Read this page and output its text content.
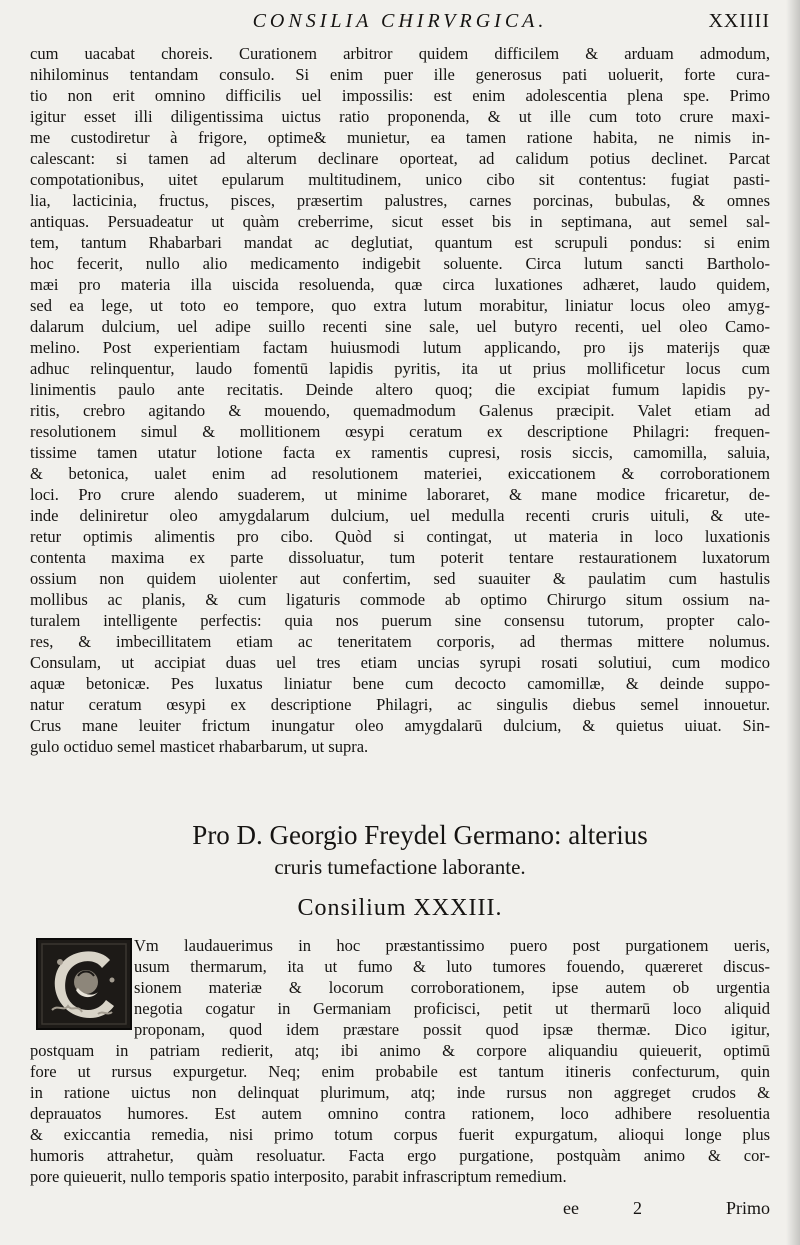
CONSILIA CHIRVRGICA.	XXIIII
cum uacabat choreis. Curationem arbitror quidem difficilem & arduam admodum,
nihilominus tentandam consulo. Si enim puer ille generosus pati uoluerit, forte cura-
tio non erit omnino difficilis uel impossilis: est enim adolescentia plena spe. Primo
igitur esset illi diligentissima uictus ratio proponenda, & ut ille cum toto crure maxi-
me custodiretur à frigore, optime& munietur, ea tamen ratione habita, ne nimis in-
calescant: si tamen ad alterum declinare oporteat, ad calidum potius declinet. Parcat
compotationibus, uitet epularum multitudinem, unico cibo sit contentus: fugiat pasti-
lia, lacticinia, fructus, pisces, præsertim palustres, carnes porcinas, bubulas, & omnes
antiquas. Persuadeatur ut quàm creberrime, sicut esset bis in septimana, aut semel sal-
tem, tantum Rhabarbari mandat ac deglutiat, quantum est scrupuli pondus: si enim
hoc fecerit, nullo alio medicamento indigebit soluente. Circa lutum sancti Bartholo-
mæi pro materia illa uiscida resoluenda, quæ circa luxationes adhæret, laudo quidem,
sed ea lege, ut toto eo tempore, quo extra lutum morabitur, liniatur locus oleo amyg-
dalarum dulcium, uel adipe suillo recenti sine sale, uel butyro recenti, uel oleo Camo-
melino. Post experientiam factam huiusmodi lutum applicando, pro ijs materijs quæ
adhuc relinquentur, laudo fomentū lapidis pyritis, ita ut prius mollificetur locus cum
linimentis paulo ante recitatis. Deinde altero quoq; die excipiat fumum lapidis py-
ritis, crebro agitando & mouendo, quemadmodum Galenus præcipit. Valet etiam ad
resolutionem simul & mollitionem œsypi ceratum ex descriptione Philagri: frequen-
tissime tamen utatur lotione facta ex ramentis cupresi, rosis siccis, camomilla, saluia,
& betonica, ualet enim ad resolutionem materiei, exiccationem & corroborationem
loci. Pro crure alendo suaderem, ut minime laboraret, & mane modice fricaretur, de-
inde deliniretur oleo amygdalarum dulcium, uel medulla recenti cruris uituli, & ute-
retur optimis alimentis pro cibo. Quòd si contingat, ut materia in loco luxationis
contenta maxima ex parte dissoluatur, tum poterit tentare restaurationem luxatorum
ossium non quidem uiolenter aut confertim, sed suauiter & paulatim cum hastulis
mollibus ac planis, & cum ligaturis commode ab optimo Chirurgo situm ossium na-
turalem intelligente perfectis: quia nos puerum sine consensu tutorum, propter calo-
res, & imbecillitatem etiam ac teneritatem corporis, ad thermas mittere nolumus.
Consulam, ut accipiat duas uel tres etiam uncias syrupi rosati solutiui, cum modico
aquæ betonicæ. Pes luxatus liniatur bene cum decocto camomillæ, & deinde suppo-
natur ceratum œsypi ex descriptione Philagri, ac singulis diebus semel innouetur.
Crus mane leuiter frictum inungatur oleo amygdalarū dulcium, & quietus uiuat. Sin-
gulo octiduo semel masticet rhabarbarum, ut supra.
Pro D. Georgio Freydel Germano: alterius
cruris tumefactione laborante.
Consilium XXXIII.
Vm laudauerimus in hoc præstantissimo puero post purgationem ueris,
usum thermarum, ita ut fumo & luto tumores fouendo, quæreret discus-
sionem materiæ & locorum corroborationem, ipse autem ob urgentia
negotia cogatur in Germaniam proficisci, petit ut thermarū loco aliquid
proponam, quod idem præstare possit quod ipsæ thermæ. Dico igitur,
postquam in patriam redierit, atq; ibi animo & corpore aliquandiu quieuerit, optimū
fore ut rursus expurgetur. Neq; enim probabile est tantum itineris confecturum, quin
in ratione uictus non delinquat plurimum, atq; inde rursus non aggreget crudos &
deprauatos humores. Est autem omnino contra rationem, loco adhibere resoluentia
& exiccantia remedia, nisi primo totum corpus fuerit expurgatum, alioqui longe plus
humoris attrahetur, quàm resoluatur. Facta ergo purgatione, postquàm animo & cor-
pore quieuerit, nullo temporis spatio interposito, parabit infrascriptum remedium.
ee	2	Primo
